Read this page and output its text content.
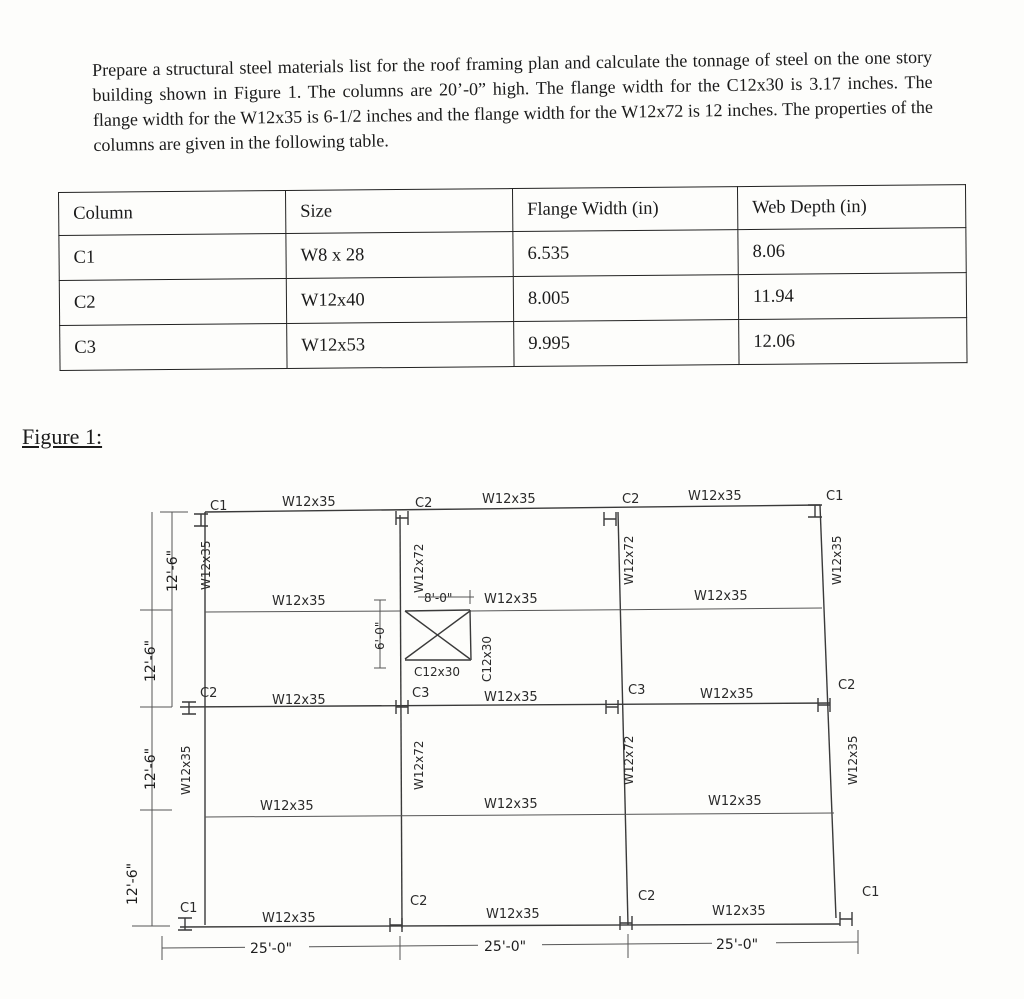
Prepare a structural steel materials list for the roof framing plan and calculate the tonnage of steel on the one story building shown in Figure 1. The columns are 20’-0” high. The flange width for the C12x30 is 3.17 inches. The flange width for the W12x35 is 6-1/2 inches and the flange width for the W12x72 is 12 inches. The properties of the columns are given in the following table.
Column	Size	Flange Width (in)	Web Depth (in)
C1	W8 x 28	6.535	8.06
C2	W12x40	8.005	11.94
C3	W12x53	9.995	12.06
Figure 1:
C1	C2	C2	C1
C2	C3	C3	C2
C1	C2	C2	C1
W12x35	W12x35	W12x35
W12x35	W12x35	W12x35
W12x35	W12x35	W12x35
W12x35	W12x35	W12x35
W12x35	W12x35	W12x35
C12x30
W12x35
W12x35
W12x35
W12x35
W12x72	W12x72
W12x72	W12x72
C12x30
8'-0"
6'-0"
12'-6"
12'-6"
12'-6"
12'-6"
25'-0"	25'-0"	25'-0"
